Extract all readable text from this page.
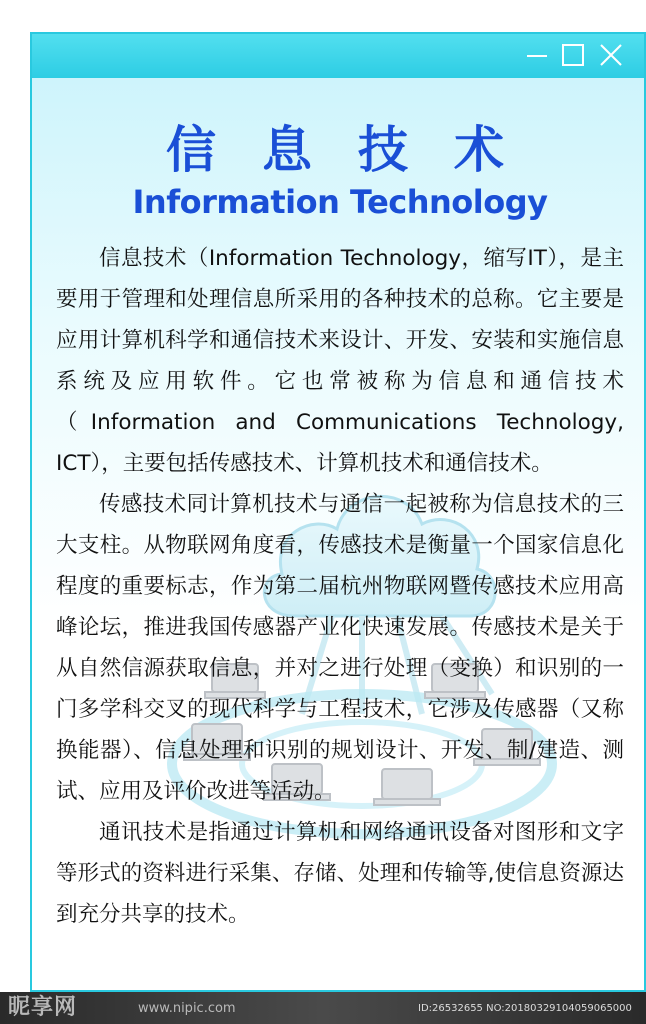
信息技术
Information Technology

信息技术（Information Technology，缩写IT），是主要用于管理和处理信息所采用的各种技术的总称。它主要是应用计算机科学和通信技术来设计、开发、安装和实施信息系统及应用软件。它也常被称为信息和通信技术（Information and Communications Technology, ICT），主要包括传感技术、计算机技术和通信技术。

传感技术同计算机技术与通信一起被称为信息技术的三大支柱。从物联网角度看，传感技术是衡量一个国家信息化程度的重要标志，作为第二届杭州物联网暨传感技术应用高峰论坛，推进我国传感器产业化快速发展。传感技术是关于从自然信源获取信息，并对之进行处理（变换）和识别的一门多学科交叉的现代科学与工程技术，它涉及传感器（又称换能器）、信息处理和识别的规划设计、开发、制/建造、测试、应用及评价改进等活动。

通讯技术是指通过计算机和网络通讯设备对图形和文字等形式的资料进行采集、存储、处理和传输等,使信息资源达到充分共享的技术。

昵享网	www.nipic.com	ID:26532655 NO:20180329104059065000
